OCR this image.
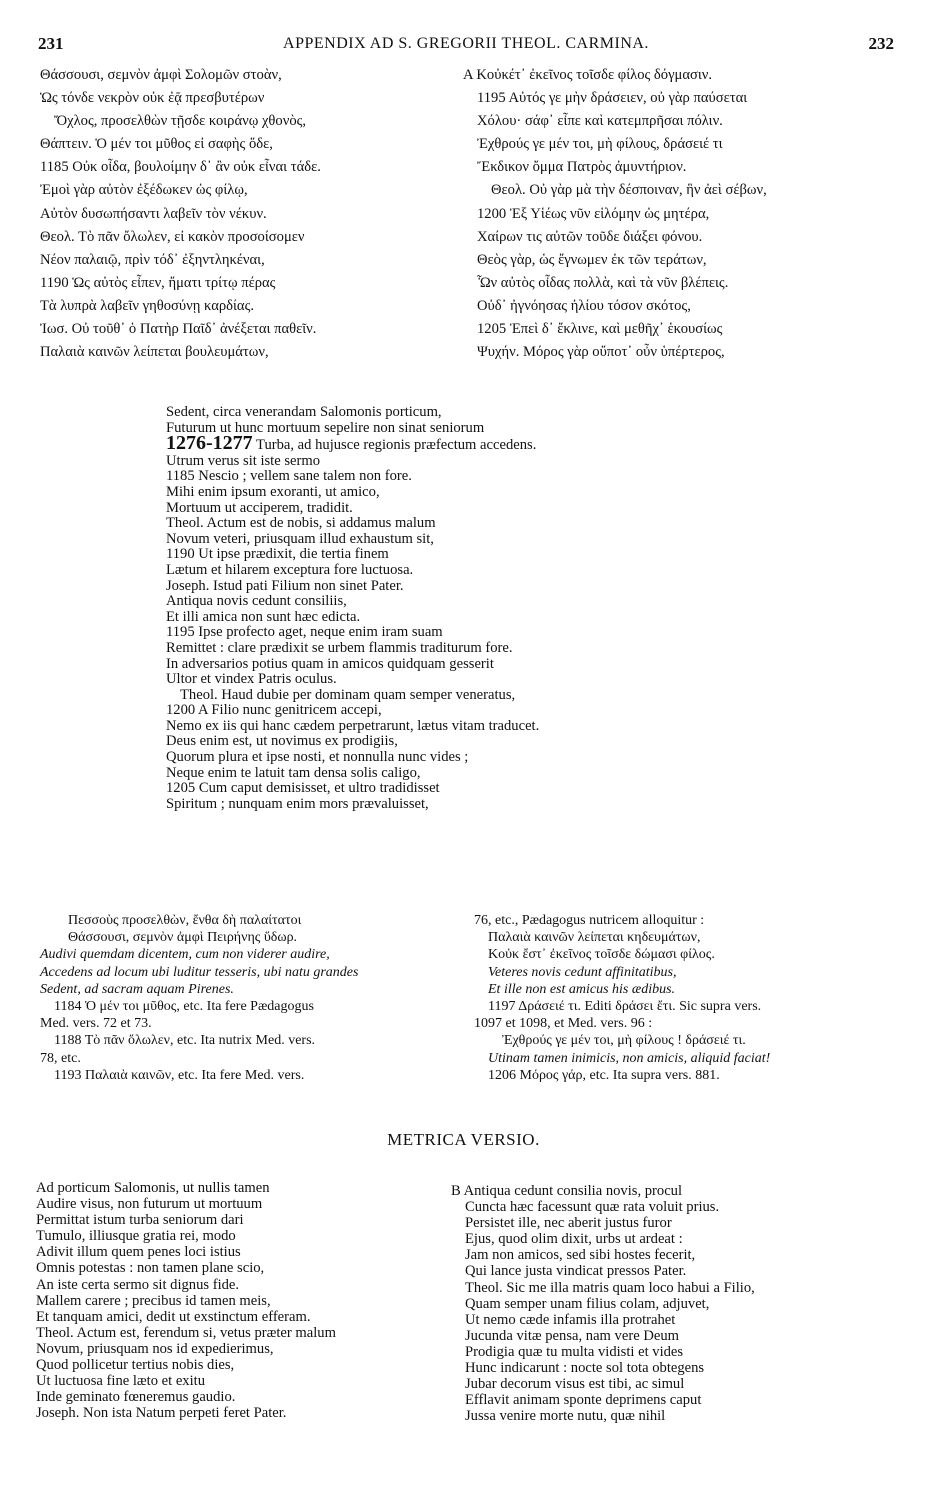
231	APPENDIX AD S. GREGORII THEOL. CARMINA.	232
Θάσσουσι, σεμνὸν ἀμφὶ Σολομῶν στοὰν,
Ὡς τόνδε νεκρὸν οὐκ ἐᾷ πρεσβυτέρων
Ὄχλος, προσελθὼν τῇσδε κοιράνῳ χθονὸς,
Θάπτειν. Ὁ μέν τοι μῦθος εἰ σαφὴς ὅδε,
1185 Οὐκ οἶδα, βουλοίμην δ᾽ ἂν οὐκ εἶναι τάδε.
Ἐμοὶ γὰρ αὐτὸν ἐξέδωκεν ὡς φίλῳ,
Αὐτὸν δυσωπήσαντι λαβεῖν τὸν νέκυν.
Θεολ. Τὸ πᾶν ὄλωλεν, εἰ κακὸν προσοίσομεν
Νέον παλαιῷ, πρὶν τόδ᾽ ἐξηντληκέναι,
1190 Ὡς αὐτὸς εἶπεν, ἤματι τρίτῳ πέρας
Τὰ λυπρὰ λαβεῖν γηθοσύνῃ καρδίας.
Ἰωσ. Οὐ τοῦθ᾽ ὁ Πατὴρ Παῖδ᾽ ἀνέξεται παθεῖν.
Παλαιὰ καινῶν λείπεται βουλευμάτων,
A Κοὐκέτ᾽ ἐκεῖνος τοῖσδε φίλος δόγμασιν.
1195 Αὐτός γε μὴν δράσειεν, οὐ γὰρ παύσεται
Χόλου· σάφ᾽ εἶπε καὶ κατεμπρῆσαι πόλιν.
Ἐχθρούς γε μέν τοι, μὴ φίλους, δράσειέ τι
Ἔκδικον ὄμμα Πατρὸς ἀμυντήριον.
Θεολ. Οὐ γὰρ μὰ τὴν δέσποιναν, ἣν ἀεὶ σέβων,
1200 Ἐξ Υἱέως νῦν εἱλόμην ὡς μητέρα,
Χαίρων τις αὐτῶν τοῦδε διάξει φόνου.
Θεὸς γὰρ, ὡς ἔγνωμεν ἐκ τῶν τεράτων,
Ὧν αὐτὸς οἶδας πολλὰ, καὶ τὰ νῦν βλέπεις.
Οὐδ᾽ ἠγνόησας ἡλίου τόσον σκότος,
1205 Ἐπεὶ δ᾽ ἔκλινε, καὶ μεθῆχ᾽ ἑκουσίως
Ψυχήν. Μόρος γὰρ οὔποτ᾽ οὖν ὑπέρτερος,
Sedent, circa venerandam Salomonis porticum,
Futurum ut hunc mortuum sepelire non sinat seniorum
1276-1277 Turba, ad hujusce regionis præfectum accedens.
Utrum verus sit iste sermo
1185 Nescio ; vellem sane talem non fore.
Mihi enim ipsum exoranti, ut amico,
Mortuum ut acciperem, tradidit.
Theol. Actum est de nobis, si addamus malum
Novum veteri, priusquam illud exhaustum sit,
1190 Ut ipse prædixit, die tertia finem
Lætum et hilarem exceptura fore luctuosa.
Joseph. Istud pati Filium non sinet Pater.
Antiqua novis cedunt consiliis,
Et illi amica non sunt hæc edicta.
1195 Ipse profecto aget, neque enim iram suam
Remittet : clare prædixit se urbem flammis traditurum fore.
In adversarios potius quam in amicos quidquam gesserit
Ultor et vindex Patris oculus.
Theol. Haud dubie per dominam quam semper veneratus,
1200 A Filio nunc genitricem accepi,
Nemo ex iis qui hanc cædem perpetrarunt, lætus vitam traducet.
Deus enim est, ut novimus ex prodigiis,
Quorum plura et ipse nosti, et nonnulla nunc vides ;
Neque enim te latuit tam densa solis caligo,
1205 Cum caput demisisset, et ultro tradidisset
Spiritum ; nunquam enim mors prævaluisset,
Πεσσοὺς προσελθὼν, ἔνθα δὴ παλαίτατοι
Θάσσουσι, σεμνὸν ἀμφὶ Πειρήνης ὕδωρ.
Audivi quemdam dicentem, cum non viderer audire,
Accedens ad locum ubi luditur tesseris, ubi natu grandes
Sedent, ad sacram aquam Pirenes.
1184 Ὁ μέν τοι μῦθος, etc. Ita fere Pædagogus
Med. vers. 72 et 73.
1188 Τὸ πᾶν ὄλωλεν, etc. Ita nutrix Med. vers.
78, etc.
1193 Παλαιὰ καινῶν, etc. Ita fere Med. vers.
76, etc., Pædagogus nutricem alloquitur :
Παλαιὰ καινῶν λείπεται κηδευμάτων,
Κοὐκ ἔστ᾽ ἐκεῖνος τοῖσδε δώμασι φίλος.
Veteres novis cedunt affinitatibus,
Et ille non est amicus his ædibus.
1197 Δράσειέ τι. Editi δράσει ἔτι. Sic supra vers.
1097 et 1098, et Med. vers. 96 :
Ἐχθρούς γε μέν τοι, μὴ φίλους ! δράσειέ τι.
Utinam tamen inimicis, non amicis, aliquid faciat!
1206 Μόρος γάρ, etc. Ita supra vers. 881.
METRICA VERSIO.
Ad porticum Salomonis, ut nullis tamen
Audire visus, non futurum ut mortuum
Permittat istum turba seniorum dari
Tumulo, illiusque gratia rei, modo
Adivit illum quem penes loci istius
Omnis potestas : non tamen plane scio,
An iste certa sermo sit dignus fide.
Mallem carere ; precibus id tamen meis,
Et tanquam amici, dedit ut exstinctum efferam.
Theol. Actum est, ferendum si, vetus præter malum
Novum, priusquam nos id expedierimus,
Quod pollicetur tertius nobis dies,
Ut luctuosa fine læto et exitu
Inde geminato fœneremus gaudio.
Joseph. Non ista Natum perpeti feret Pater.
B Antiqua cedunt consilia novis, procul
Cuncta hæc facessunt quæ rata voluit prius.
Persistet ille, nec aberit justus furor
Ejus, quod olim dixit, urbs ut ardeat :
Jam non amicos, sed sibi hostes fecerit,
Qui lance justa vindicat pressos Pater.
Theol. Sic me illa matris quam loco habui a Filio,
Quam semper unam filius colam, adjuvet,
Ut nemo cæde infamis illa protrahet
Jucunda vitæ pensa, nam vere Deum
Prodigia quæ tu multa vidisti et vides
Hunc indicarunt : nocte sol tota obtegens
Jubar decorum visus est tibi, ac simul
Efflavit animam sponte deprimens caput
Jussa venire morte nutu, quæ nihil
